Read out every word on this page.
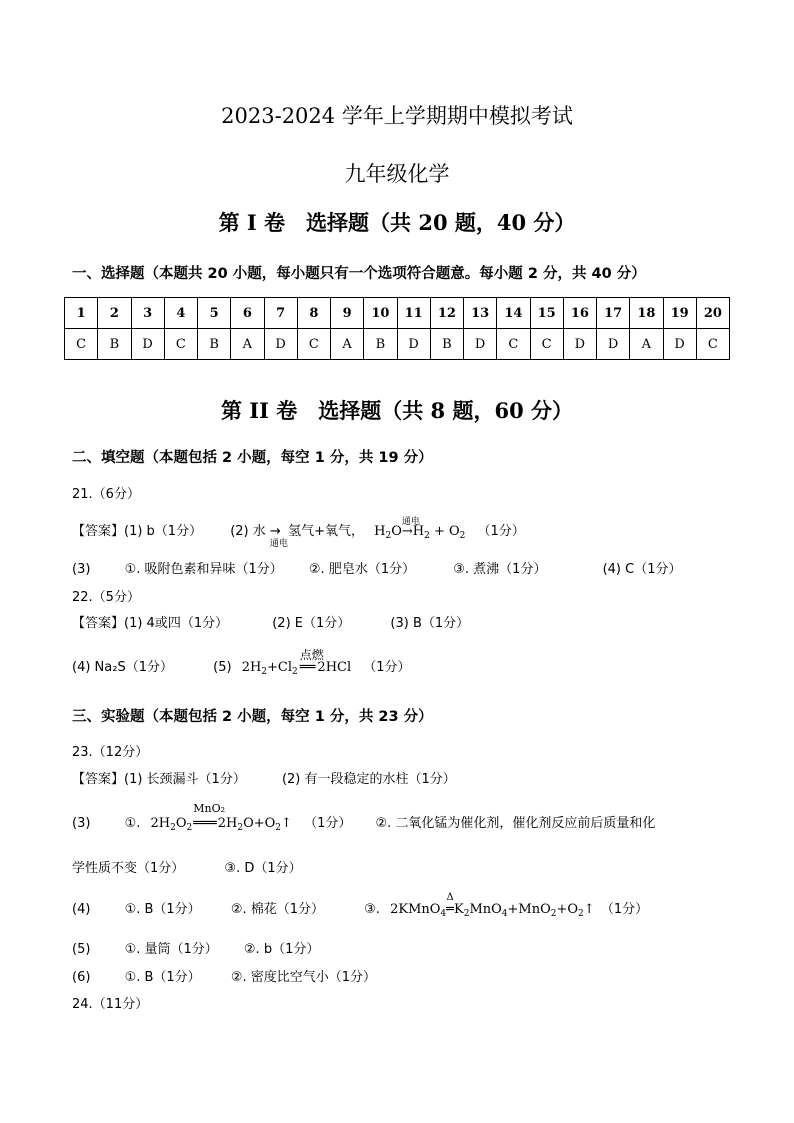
2023-2024 学年上学期期中模拟考试
九年级化学
第 I 卷　选择题（共 20 题，40 分）
一、选择题（本题共 20 小题，每小题只有一个选项符合题意。每小题 2 分，共 40 分）
1	2	3	4	5	6	7	8	9	10	11	12	13	14	15	16	17	18	19	20
C	B	D	C	B	A	D	C	A	B	D	B	D	C	C	D	D	A	D	C
第 II 卷　选择题（共 8 题，60 分）
二、填空题（本题包括 2 小题，每空 1 分，共 19 分）
21.（6分）
【答案】(1) b（1分） (2) 水 →
通电
氢气+氧气， $H_2O\to$
通电
$H_2 + O_2$ （1分）
(3)	①. 吸附色素和异味（1分） ②. 肥皂水（1分）	③. 煮沸（1分）	(4) C（1分）
22.（5分）
【答案】(1) 4或四（1分）	(2) E（1分）	(3) B（1分）
(4) Na₂S（1分）	(5) $2H_2+Cl_2$
点燃
══ 2HCl （1分）
三、实验题（本题包括 2 小题，每空 1 分，共 23 分）
23.（12分）
【答案】(1) 长颈漏斗（1分）	(2) 有一段稳定的水柱（1分）
(3)	①. $2H_2O_2$
MnO₂
$═══2H_2O+O_2↑$ （1分） ②. 二氧化锰为催化剂，催化剂反应前后质量和化
学性质不变（1分）	③. D（1分）
(4)	①. B（1分） ②. 棉花（1分）	③. 2KMnO$_4$
Δ
$═K_2MnO_4+MnO_2+O_2↑$ （1分）
(5)	①. 量筒（1分） ②. b（1分）
(6)	①. B（1分） ②. 密度比空气小（1分）
24.（11分）
